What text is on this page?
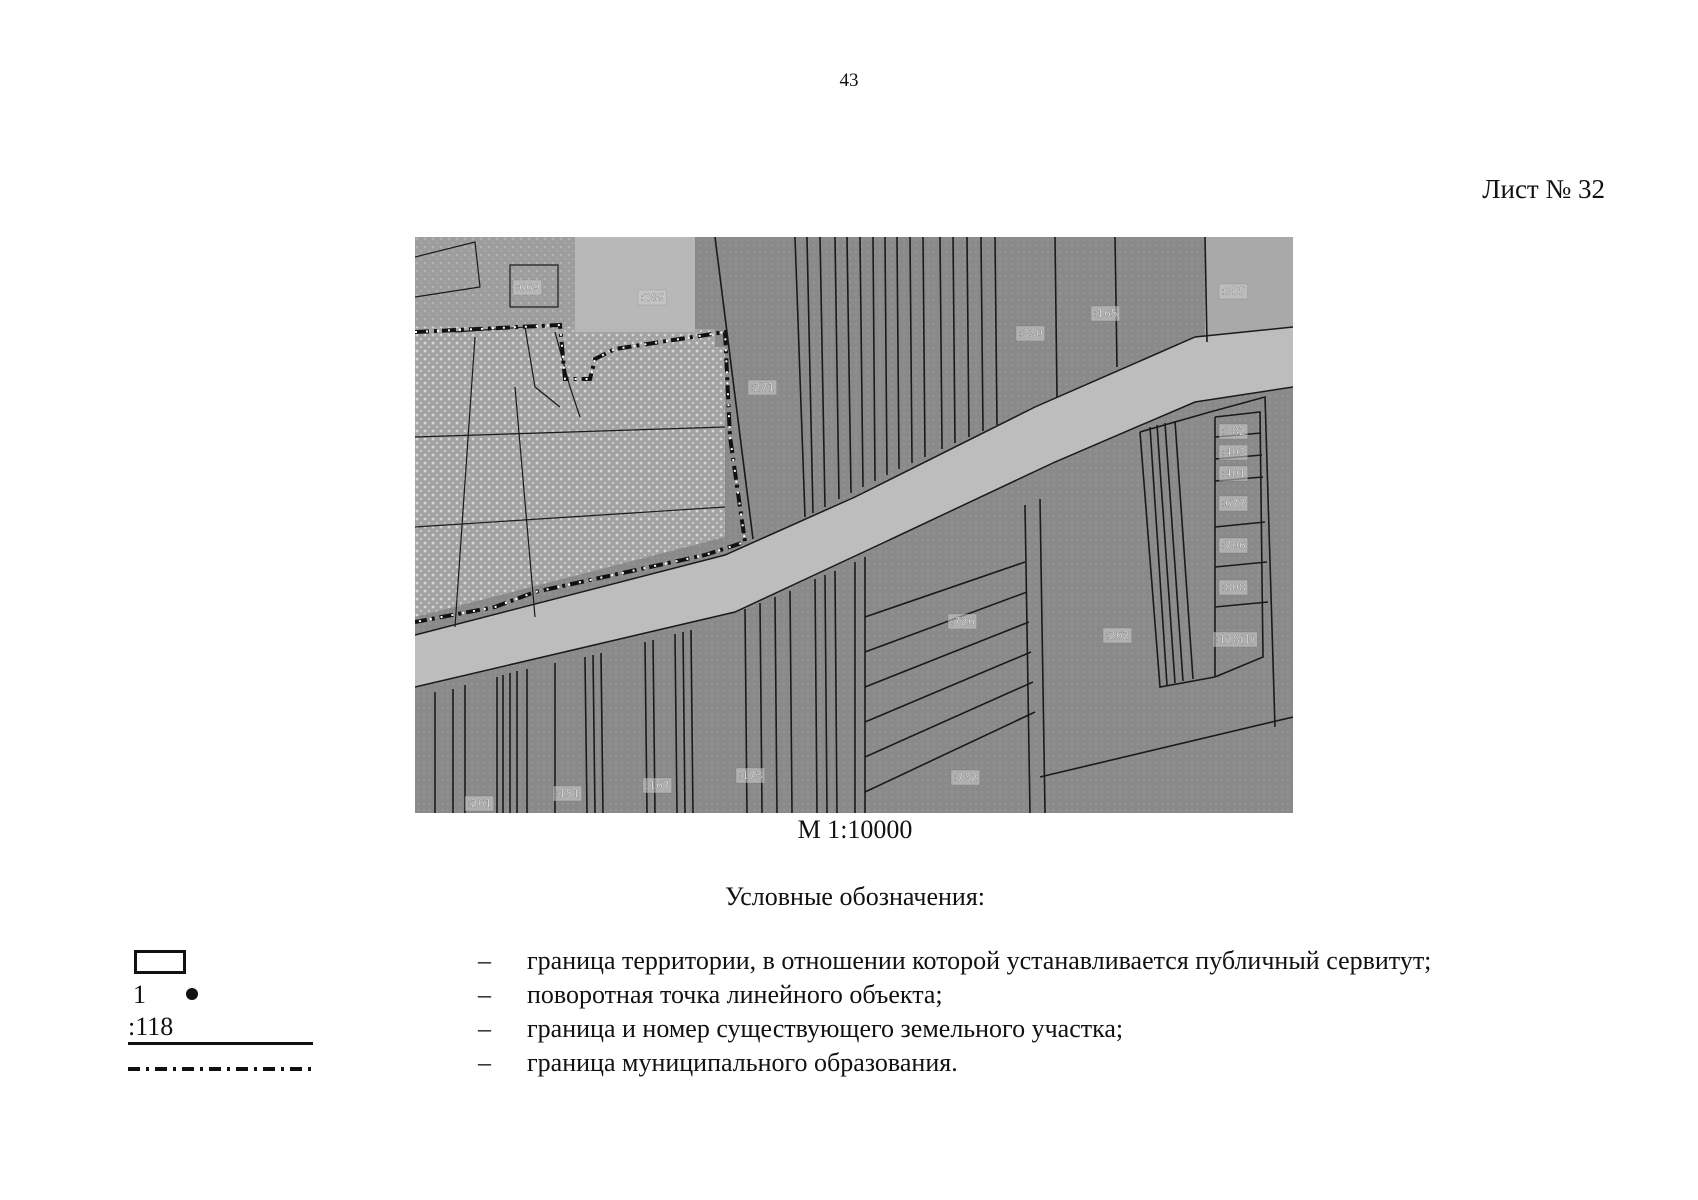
43
Лист № 32
:669
:289
:271
:330
:165
:355
:382
:403
:401
:677
:706
:808
:128(1)
:726
:262
:732
:173
:167
:151
:261
М 1:10000
Условные обозначения:
– граница территории, в отношении которой устанавливается публичный сервитут;
1	– поворотная точка линейного объекта;
:118	– граница и номер существующего земельного участка;
– граница муниципального образования.
